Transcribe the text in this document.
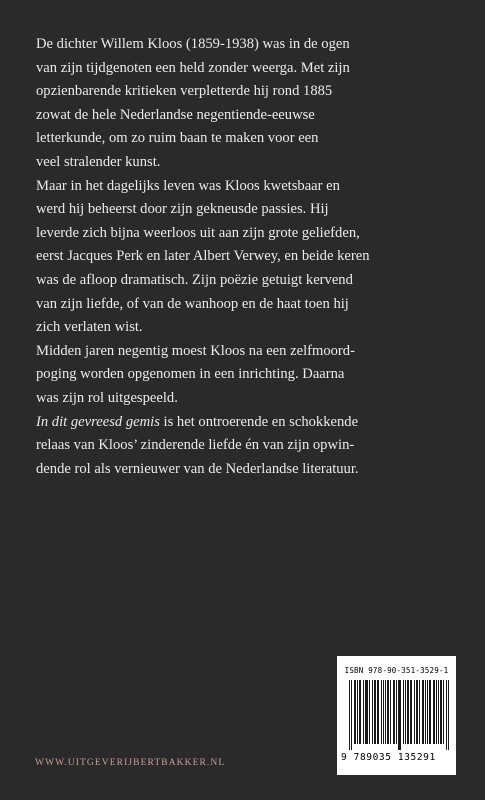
De dichter Willem Kloos (1859-1938) was in de ogen
van zijn tijdgenoten een held zonder weerga. Met zijn
opzienbarende kritieken verpletterde hij rond 1885
zowat de hele Nederlandse negentiende-eeuwse
letterkunde, om zo ruim baan te maken voor een
veel stralender kunst.

Maar in het dagelijks leven was Kloos kwetsbaar en
werd hij beheerst door zijn gekneusde passies. Hij
leverde zich bijna weerloos uit aan zijn grote geliefden,
eerst Jacques Perk en later Albert Verwey, en beide keren
was de afloop dramatisch. Zijn poëzie getuigt kervend
van zijn liefde, of van de wanhoop en de haat toen hij
zich verlaten wist.

Midden jaren negentig moest Kloos na een zelfmoord-
poging worden opgenomen in een inrichting. Daarna
was zijn rol uitgespeeld.

In dit gevreesd gemis is het ontroerende en schokkende
relaas van Kloos’ zinderende liefde én van zijn opwin-
dende rol als vernieuwer van de Nederlandse literatuur.

ISBN 978-90-351-3529-1
9 789035 135291
WWW.UITGEVERIJBERTBAKKER.NL
